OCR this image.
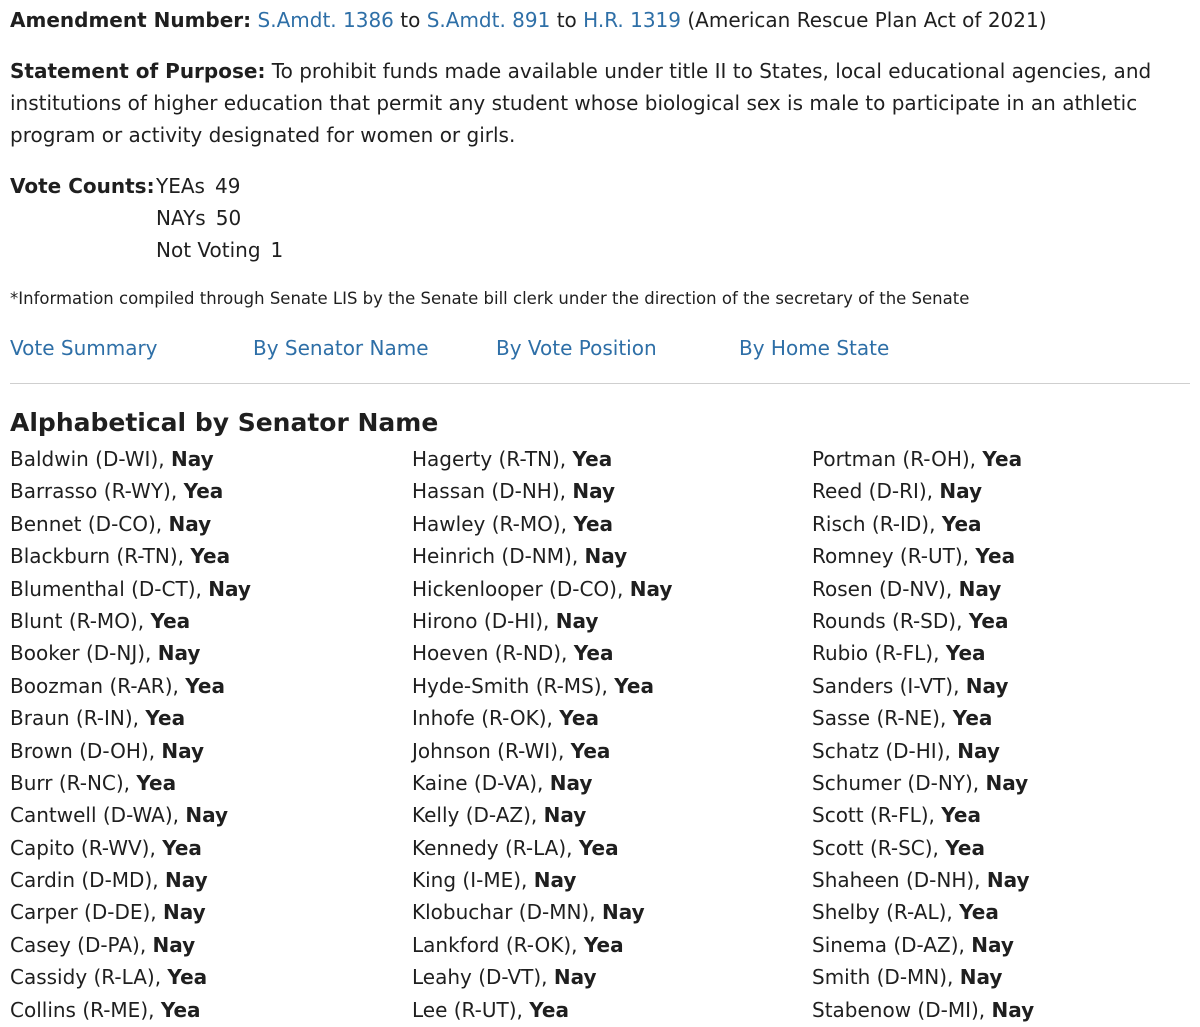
Amendment Number: S.Amdt. 1386 to S.Amdt. 891 to H.R. 1319 (American Rescue Plan Act of 2021)
Statement of Purpose: To prohibit funds made available under title II to States, local educational agencies, and institutions of higher education that permit any student whose biological sex is male to participate in an athletic program or activity designated for women or girls.
Vote Counts: YEAs 49
NAYs 50
Not Voting 1
*Information compiled through Senate LIS by the Senate bill clerk under the direction of the secretary of the Senate
Vote Summary	By Senator Name	By Vote Position	By Home State
Alphabetical by Senator Name
Baldwin (D-WI), Nay
Barrasso (R-WY), Yea
Bennet (D-CO), Nay
Blackburn (R-TN), Yea
Blumenthal (D-CT), Nay
Blunt (R-MO), Yea
Booker (D-NJ), Nay
Boozman (R-AR), Yea
Braun (R-IN), Yea
Brown (D-OH), Nay
Burr (R-NC), Yea
Cantwell (D-WA), Nay
Capito (R-WV), Yea
Cardin (D-MD), Nay
Carper (D-DE), Nay
Casey (D-PA), Nay
Cassidy (R-LA), Yea
Collins (R-ME), Yea
Hagerty (R-TN), Yea
Hassan (D-NH), Nay
Hawley (R-MO), Yea
Heinrich (D-NM), Nay
Hickenlooper (D-CO), Nay
Hirono (D-HI), Nay
Hoeven (R-ND), Yea
Hyde-Smith (R-MS), Yea
Inhofe (R-OK), Yea
Johnson (R-WI), Yea
Kaine (D-VA), Nay
Kelly (D-AZ), Nay
Kennedy (R-LA), Yea
King (I-ME), Nay
Klobuchar (D-MN), Nay
Lankford (R-OK), Yea
Leahy (D-VT), Nay
Lee (R-UT), Yea
Portman (R-OH), Yea
Reed (D-RI), Nay
Risch (R-ID), Yea
Romney (R-UT), Yea
Rosen (D-NV), Nay
Rounds (R-SD), Yea
Rubio (R-FL), Yea
Sanders (I-VT), Nay
Sasse (R-NE), Yea
Schatz (D-HI), Nay
Schumer (D-NY), Nay
Scott (R-FL), Yea
Scott (R-SC), Yea
Shaheen (D-NH), Nay
Shelby (R-AL), Yea
Sinema (D-AZ), Nay
Smith (D-MN), Nay
Stabenow (D-MI), Nay
